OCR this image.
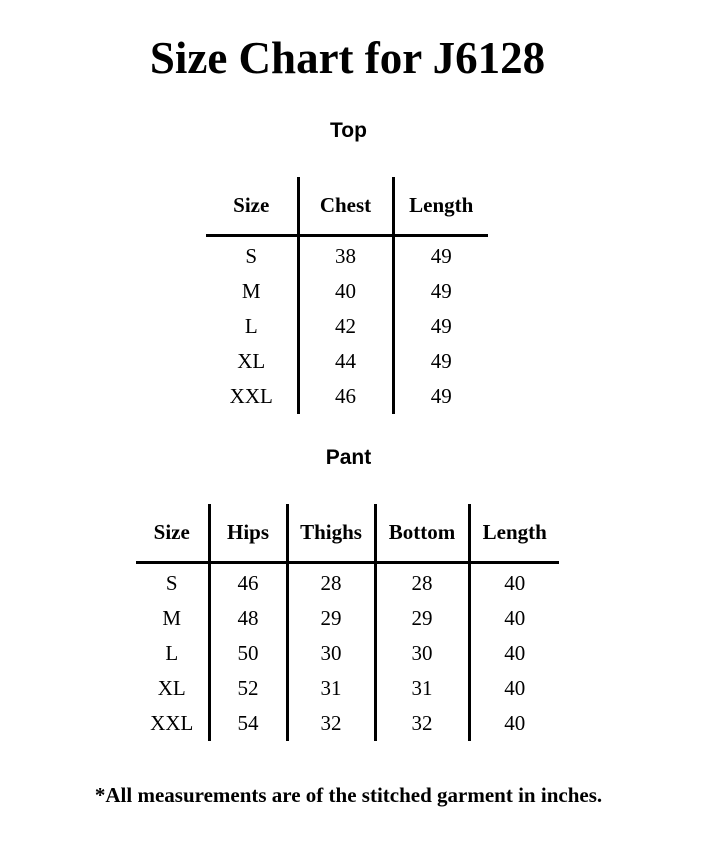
Size Chart for J6128
Top
Size	Chest	Length
S	38	49
M	40	49
L	42	49
XL	44	49
XXL	46	49
Pant
Size	Hips	Thighs	Bottom	Length
S	46	28	28	40
M	48	29	29	40
L	50	30	30	40
XL	52	31	31	40
XXL	54	32	32	40

*All measurements are of the stitched garment in inches.
